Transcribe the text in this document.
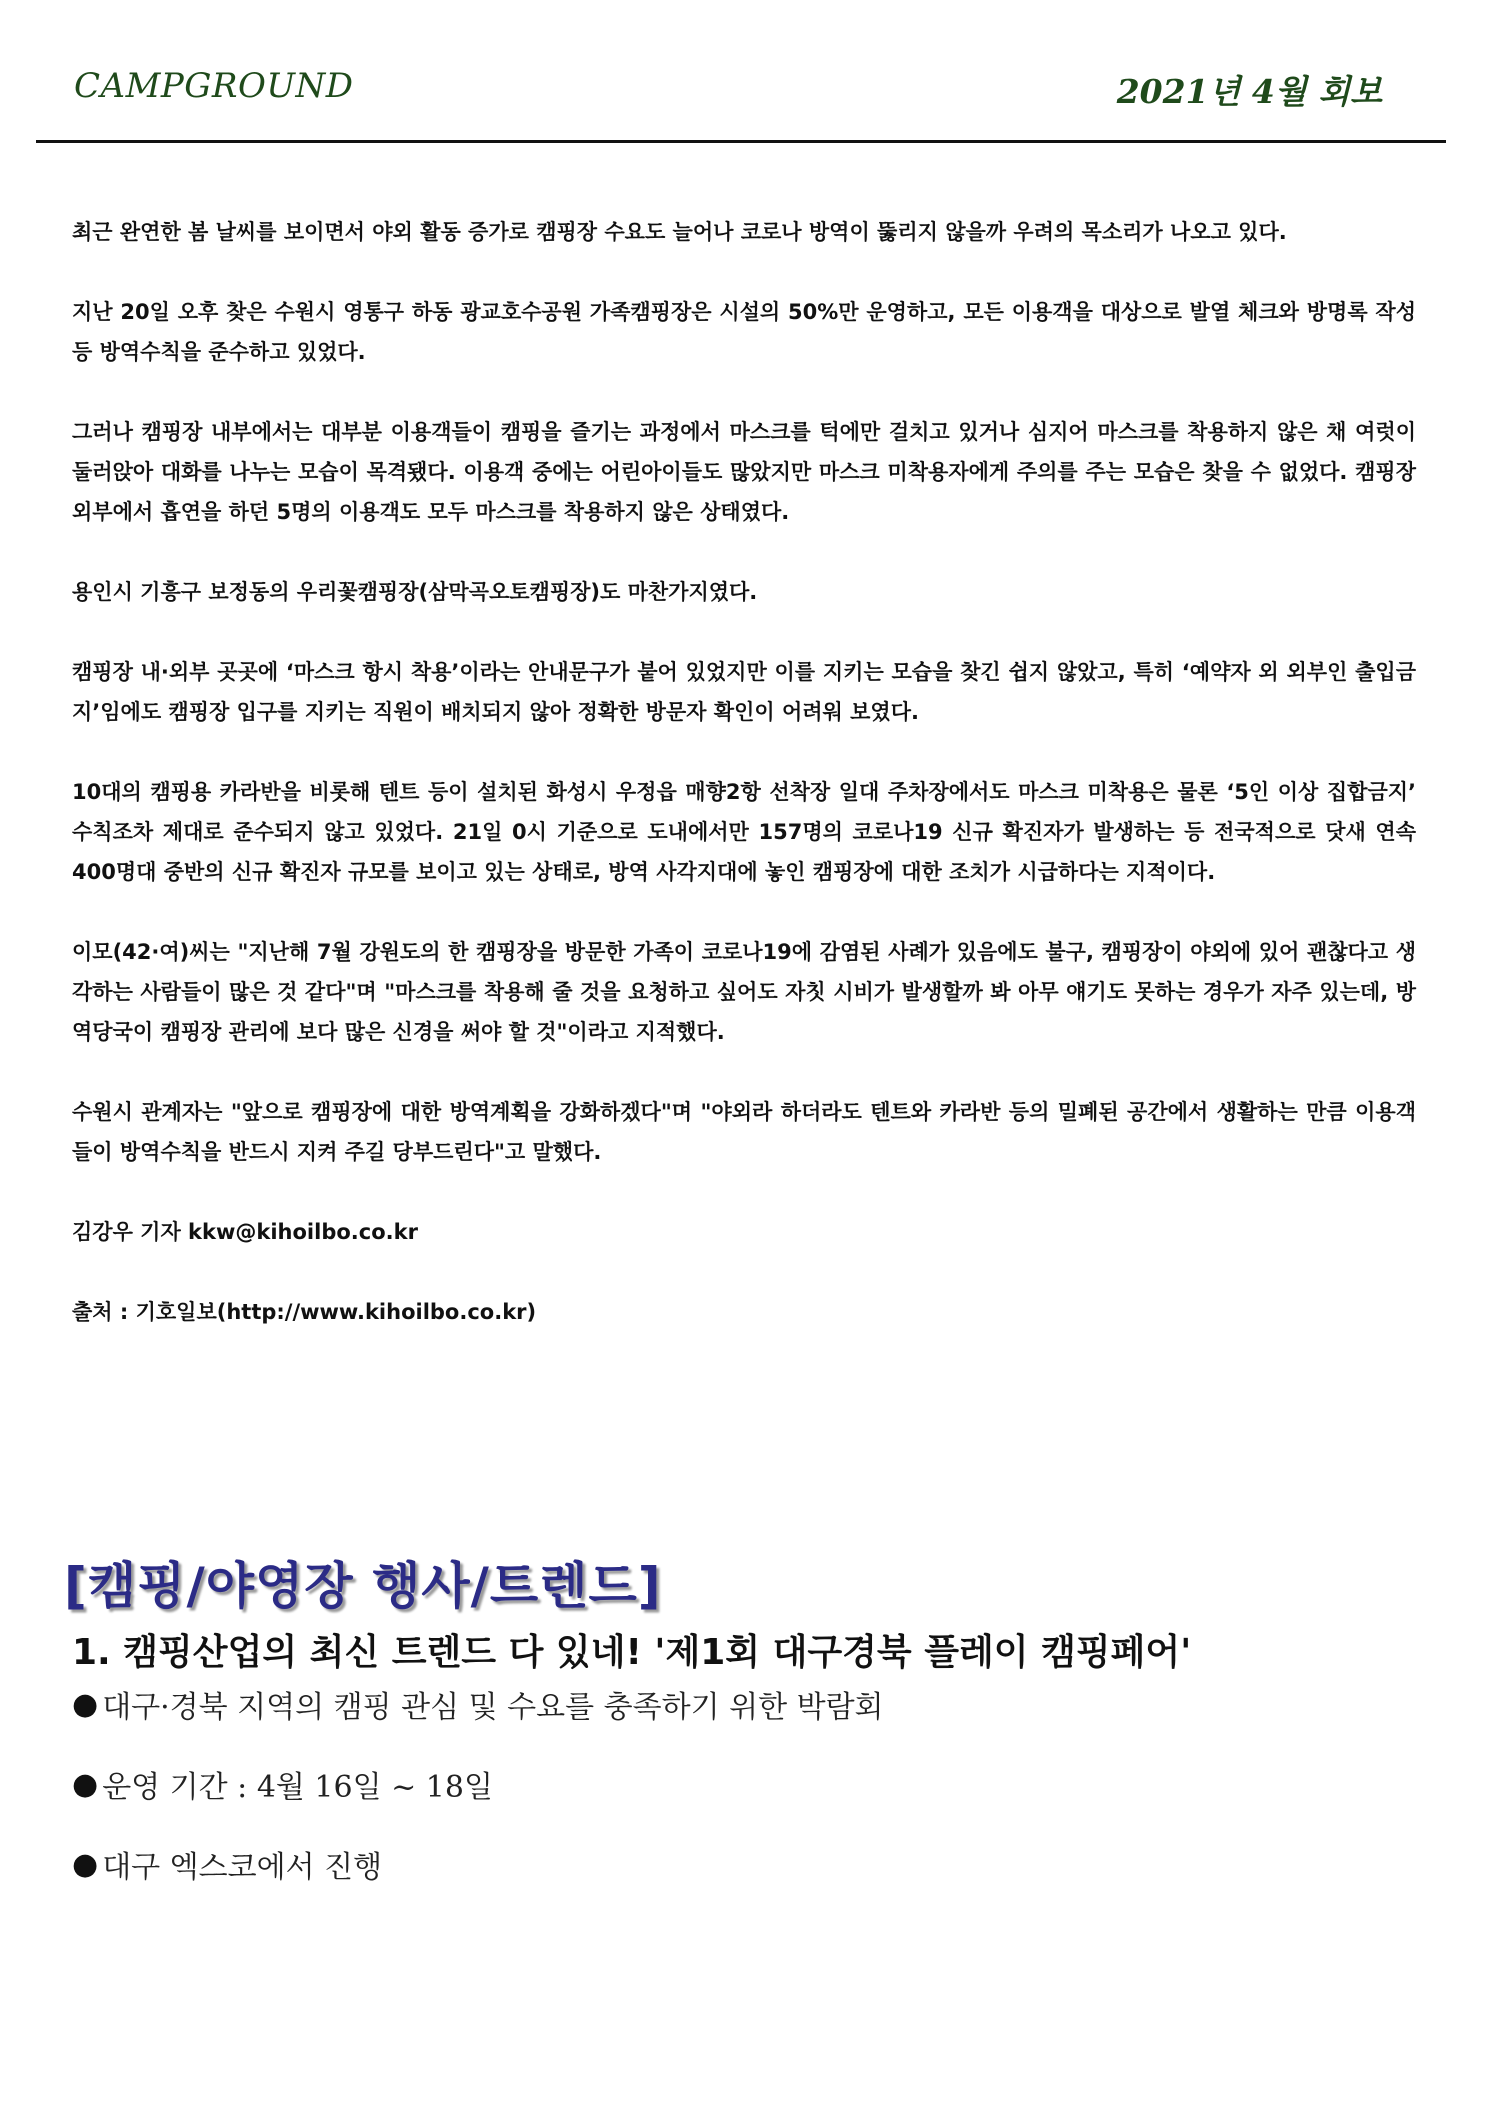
CAMPGROUND	2021년 4월 회보

최근 완연한 봄 날씨를 보이면서 야외 활동 증가로 캠핑장 수요도 늘어나 코로나 방역이 뚫리지 않을까 우려의 목소리가 나오고 있다.

지난 20일 오후 찾은 수원시 영통구 하동 광교호수공원 가족캠핑장은 시설의 50%만 운영하고, 모든 이용객을 대상으로 발열 체크와 방명록 작성 등 방역수칙을 준수하고 있었다.

그러나 캠핑장 내부에서는 대부분 이용객들이 캠핑을 즐기는 과정에서 마스크를 턱에만 걸치고 있거나 심지어 마스크를 착용하지 않은 채 여럿이 둘러앉아 대화를 나누는 모습이 목격됐다. 이용객 중에는 어린아이들도 많았지만 마스크 미착용자에게 주의를 주는 모습은 찾을 수 없었다. 캠핑장 외부에서 흡연을 하던 5명의 이용객도 모두 마스크를 착용하지 않은 상태였다.

용인시 기흥구 보정동의 우리꽃캠핑장(삼막곡오토캠핑장)도 마찬가지였다.

캠핑장 내·외부 곳곳에 ‘마스크 항시 착용’이라는 안내문구가 붙어 있었지만 이를 지키는 모습을 찾긴 쉽지 않았고, 특히 ‘예약자 외 외부인 출입금지’임에도 캠핑장 입구를 지키는 직원이 배치되지 않아 정확한 방문자 확인이 어려워 보였다.

10대의 캠핑용 카라반을 비롯해 텐트 등이 설치된 화성시 우정읍 매향2항 선착장 일대 주차장에서도 마스크 미착용은 물론 ‘5인 이상 집합금지’ 수칙조차 제대로 준수되지 않고 있었다. 21일 0시 기준으로 도내에서만 157명의 코로나19 신규 확진자가 발생하는 등 전국적으로 닷새 연속 400명대 중반의 신규 확진자 규모를 보이고 있는 상태로, 방역 사각지대에 놓인 캠핑장에 대한 조치가 시급하다는 지적이다.

이모(42·여)씨는 "지난해 7월 강원도의 한 캠핑장을 방문한 가족이 코로나19에 감염된 사례가 있음에도 불구, 캠핑장이 야외에 있어 괜찮다고 생각하는 사람들이 많은 것 같다"며 "마스크를 착용해 줄 것을 요청하고 싶어도 자칫 시비가 발생할까 봐 아무 얘기도 못하는 경우가 자주 있는데, 방역당국이 캠핑장 관리에 보다 많은 신경을 써야 할 것"이라고 지적했다.

수원시 관계자는 "앞으로 캠핑장에 대한 방역계획을 강화하겠다"며 "야외라 하더라도 텐트와 카라반 등의 밀폐된 공간에서 생활하는 만큼 이용객들이 방역수칙을 반드시 지켜 주길 당부드린다"고 말했다.

김강우 기자 kkw@kihoilbo.co.kr

출처 : 기호일보(http://www.kihoilbo.co.kr)

[캠핑/야영장 행사/트렌드]
1. 캠핑산업의 최신 트렌드 다 있네! '제1회 대구경북 플레이 캠핑페어'
● 대구·경북 지역의 캠핑 관심 및 수요를 충족하기 위한 박람회
● 운영 기간 : 4월 16일 ~ 18일
● 대구 엑스코에서 진행
